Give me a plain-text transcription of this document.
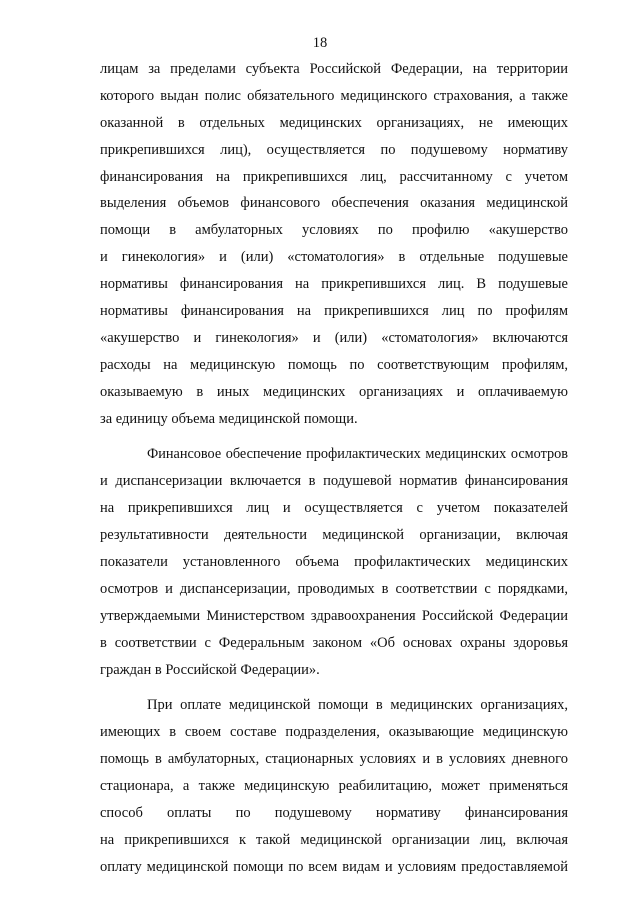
18
лицам за пределами субъекта Российской Федерации, на территории
которого выдан полис обязательного медицинского страхования, а также
оказанной в отдельных медицинских организациях, не имеющих
прикрепившихся лиц), осуществляется по подушевому нормативу
финансирования на прикрепившихся лиц, рассчитанному с учетом
выделения объемов финансового обеспечения оказания медицинской
помощи в амбулаторных условиях по профилю «акушерство
и гинекология» и (или) «стоматология» в отдельные подушевые
нормативы финансирования на прикрепившихся лиц. В подушевые
нормативы финансирования на прикрепившихся лиц по профилям
«акушерство и гинекология» и (или) «стоматология» включаются
расходы на медицинскую помощь по соответствующим профилям,
оказываемую в иных медицинских организациях и оплачиваемую
за единицу объема медицинской помощи.
Финансовое обеспечение профилактических медицинских осмотров
и диспансеризации включается в подушевой норматив финансирования
на прикрепившихся лиц и осуществляется с учетом показателей
результативности деятельности медицинской организации, включая
показатели установленного объема профилактических медицинских
осмотров и диспансеризации, проводимых в соответствии с порядками,
утверждаемыми Министерством здравоохранения Российской Федерации
в соответствии с Федеральным законом «Об основах охраны здоровья
граждан в Российской Федерации».
При оплате медицинской помощи в медицинских организациях,
имеющих в своем составе подразделения, оказывающие медицинскую
помощь в амбулаторных, стационарных условиях и в условиях дневного
стационара, а также медицинскую реабилитацию, может применяться
способ оплаты по подушевому нормативу финансирования
на прикрепившихся к такой медицинской организации лиц, включая
оплату медицинской помощи по всем видам и условиям предоставляемой
